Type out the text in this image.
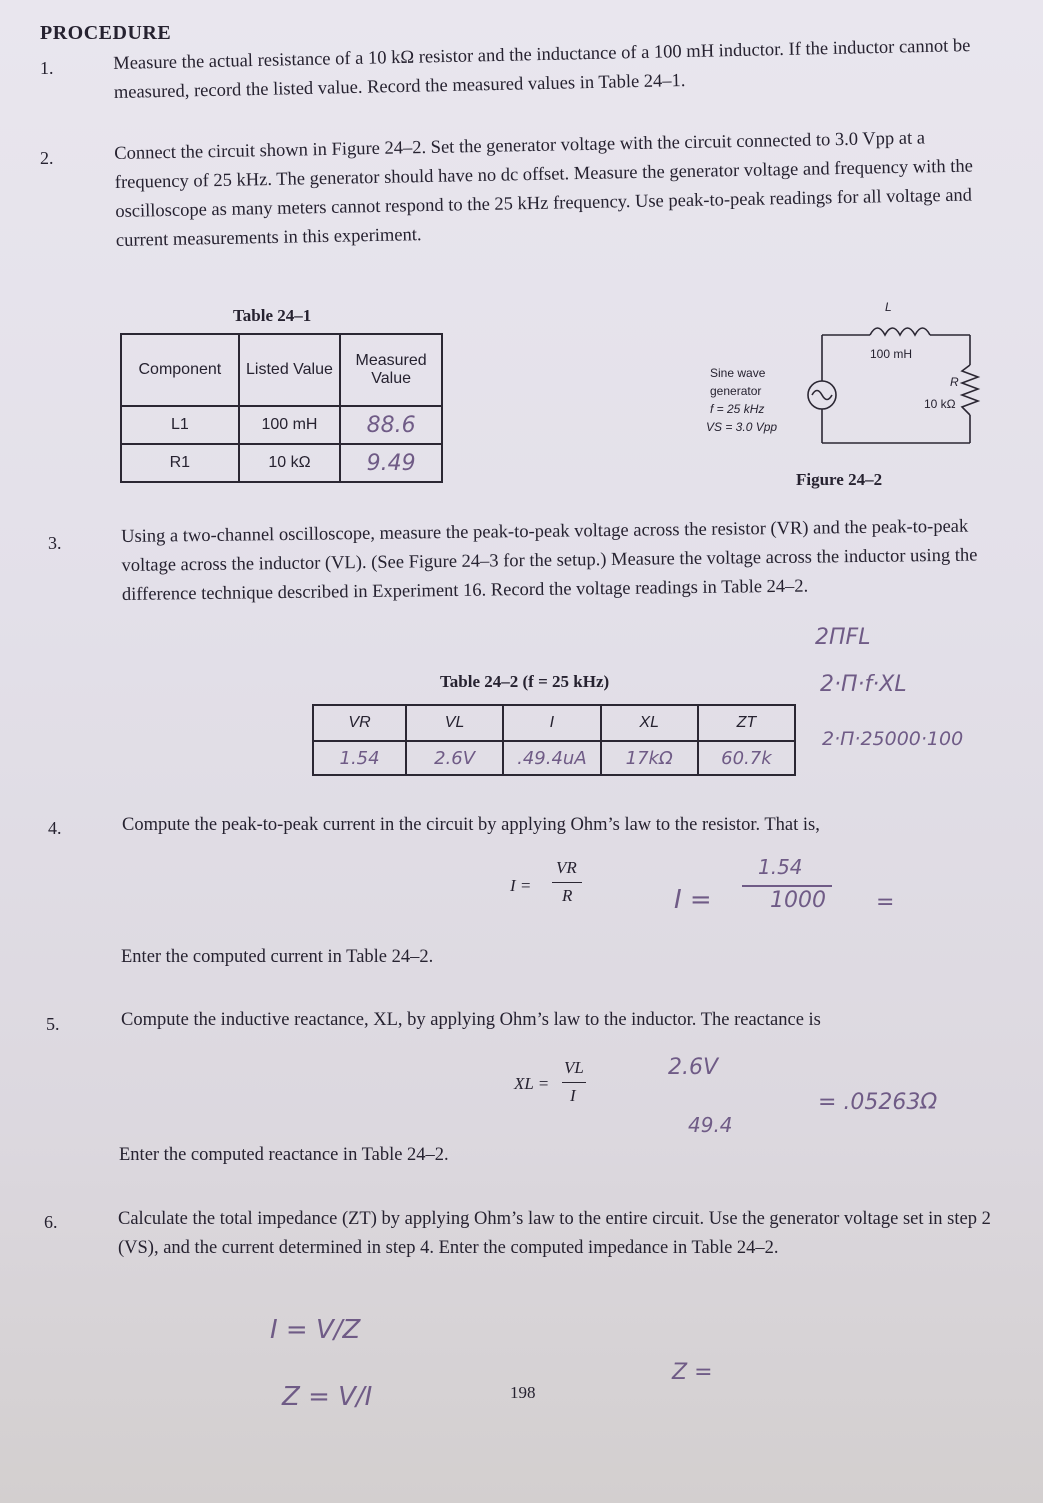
PROCEDURE
1.	Measure the actual resistance of a 10 kΩ resistor and the inductance of a 100 mH inductor. If the inductor cannot be measured, record the listed value. Record the measured values in Table 24–1.
2.	Connect the circuit shown in Figure 24–2. Set the generator voltage with the circuit connected to 3.0 Vpp at a frequency of 25 kHz. The generator should have no dc offset. Measure the generator voltage and frequency with the oscilloscope as many meters cannot respond to the 25 kHz frequency. Use peak-to-peak readings for all voltage and current measurements in this experiment.
Table 24–1
Component	Listed Value	Measured Value
L1	100 mH	88.6
R1	10 kΩ	9.49
L
100 mH
R
10 kΩ
Sine wave
generator
f = 25 kHz
VS = 3.0 Vpp
Figure 24–2
3.	Using a two-channel oscilloscope, measure the peak-to-peak voltage across the resistor (VR) and the peak-to-peak voltage across the inductor (VL). (See Figure 24–3 for the setup.) Measure the voltage across the inductor using the difference technique described in Experiment 16. Record the voltage readings in Table 24–2.
2ΠFL
2·Π·f·XL
2·Π·25000·100
Table 24–2 (f = 25 kHz)
VR	VL	I	XL	ZT
1.54	2.6V	.49.4uA	17kΩ	60.7k
4.	Compute the peak-to-peak current in the circuit by applying Ohm’s law to the resistor. That is,
I =
VR
R	I =
1.54
1000 =
Enter the computed current in Table 24–2.
5.	Compute the inductive reactance, XL, by applying Ohm’s law to the inductor. The reactance is
XL =
VL
I
2.6V
49.4
= .05263Ω
Enter the computed reactance in Table 24–2.
6.	Calculate the total impedance (ZT) by applying Ohm’s law to the entire circuit. Use the generator voltage set in step 2 (VS), and the current determined in step 4. Enter the computed impedance in Table 24–2.
I = V/Z
Z = V/I
Z =
198
